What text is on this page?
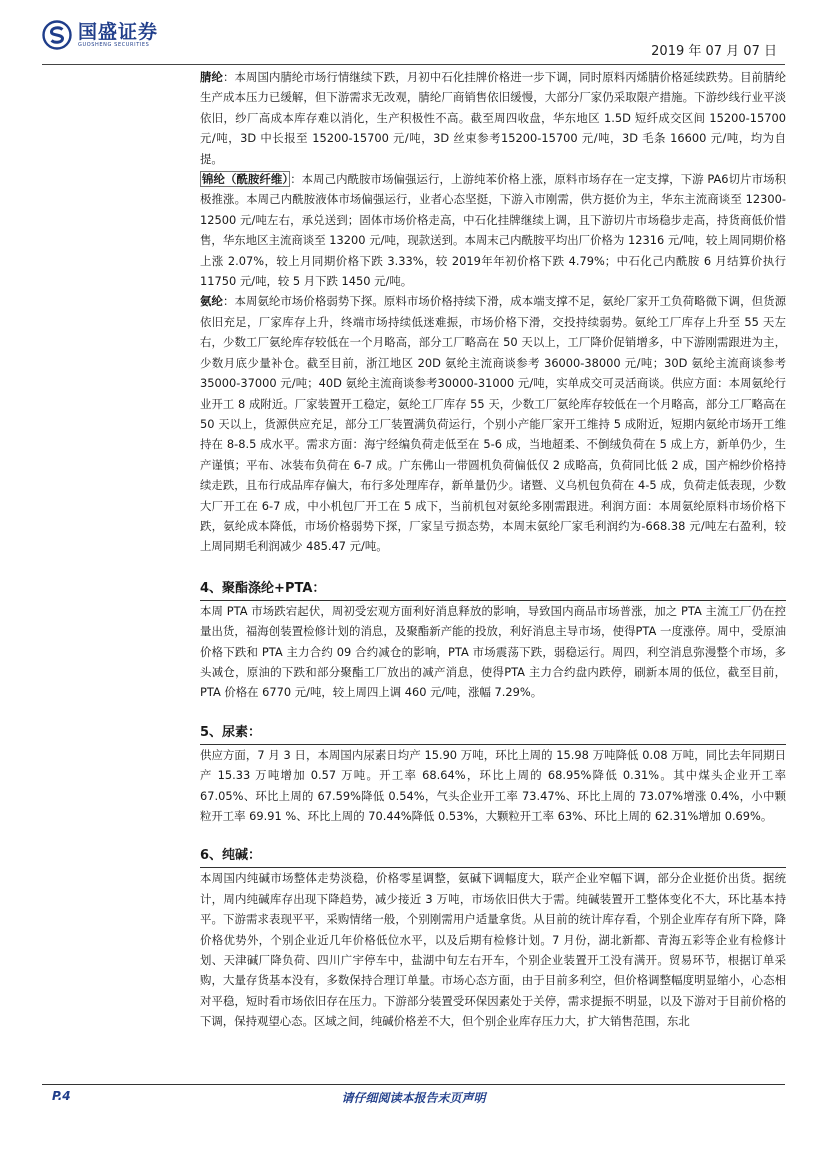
国盛证券
GUOSHENG SECURITIES	2019 年 07 月 07 日

腈纶：本周国内腈纶市场行情继续下跌，月初中石化挂牌价格进一步下调，同时原料丙烯腈价格延续跌势。目前腈纶生产成本压力已缓解，但下游需求无改观，腈纶厂商销售依旧缓慢，大部分厂家仍采取限产措施。下游纱线行业平淡依旧，纱厂高成本库存难以消化，生产积极性不高。截至周四收盘，华东地区 1.5D 短纤成交区间 15200-15700 元/吨，3D 中长报至 15200-15700 元/吨，3D 丝束参考15200-15700 元/吨，3D 毛条 16600 元/吨，均为自提。

锦纶（酰胺纤维） ：本周己内酰胺市场偏强运行，上游纯苯价格上涨，原料市场存在一定支撑，下游 PA6切片市场积极推涨。本周己内酰胺液体市场偏强运行，业者心态坚挺，下游入市刚需，供方挺价为主，华东主流商谈至 12300-12500 元/吨左右，承兑送到；固体市场价格走高，中石化挂牌继续上调，且下游切片市场稳步走高，持货商低价惜售，华东地区主流商谈至 13200 元/吨，现款送到。本周末己内酰胺平均出厂价格为 12316 元/吨，较上周同期价格上涨 2.07%，较上月同期价格下跌 3.33%，较 2019年年初价格下跌 4.79%；中石化己内酰胺 6 月结算价执行 11750 元/吨，较 5 月下跌 1450 元/吨。

氨纶：本周氨纶市场价格弱势下探。原料市场价格持续下滑，成本端支撑不足，氨纶厂家开工负荷略微下调，但货源依旧充足，厂家库存上升，终端市场持续低迷难振，市场价格下滑，交投持续弱势。氨纶工厂库存上升至 55 天左右，少数工厂氨纶库存较低在一个月略高，部分工厂略高在 50 天以上，工厂降价促销增多，中下游刚需跟进为主，少数月底少量补仓。截至目前，浙江地区 20D 氨纶主流商谈参考 36000-38000 元/吨；30D 氨纶主流商谈参考 35000-37000 元/吨；40D 氨纶主流商谈参考30000-31000 元/吨，实单成交可灵活商谈。供应方面：本周氨纶行业开工 8 成附近。厂家装置开工稳定，氨纶工厂库存 55 天，少数工厂氨纶库存较低在一个月略高，部分工厂略高在 50 天以上，货源供应充足，部分工厂装置满负荷运行，个别小产能厂家开工维持 5 成附近，短期内氨纶市场开工维持在 8-8.5 成水平。需求方面：海宁经编负荷走低至在 5-6 成，当地超柔、不倒绒负荷在 5 成上方，新单仍少，生产谨慎；平布、冰装布负荷在 6-7 成。广东佛山一带圆机负荷偏低仅 2 成略高，负荷同比低 2 成，国产棉纱价格持续走跌，且布行成品库存偏大，布行多处理库存，新单量仍少。诸暨、义乌机包负荷在 4-5 成，负荷走低表现，少数大厂开工在 6-7 成，中小机包厂开工在 5 成下，当前机包对氨纶多刚需跟进。利润方面：本周氨纶原料市场价格下跌，氨纶成本降低，市场价格弱势下探，厂家呈亏损态势，本周末氨纶厂家毛利润约为-668.38 元/吨左右盈利，较上周同期毛利润减少 485.47 元/吨。

4、聚酯涤纶+PTA：

本周 PTA 市场跌宕起伏，周初受宏观方面利好消息释放的影响，导致国内商品市场普涨，加之 PTA 主流工厂仍在控量出货，福海创装置检修计划的消息，及聚酯新产能的投放，利好消息主导市场，使得PTA 一度涨停。周中，受原油价格下跌和 PTA 主力合约 09 合约减仓的影响，PTA 市场震荡下跌，弱稳运行。周四，利空消息弥漫整个市场，多头减仓，原油的下跌和部分聚酯工厂放出的减产消息，使得PTA 主力合约盘内跌停，刷新本周的低位，截至目前，PTA 价格在 6770 元/吨，较上周四上调 460 元/吨，涨幅 7.29%。

5、尿素：

供应方面，7 月 3 日，本周国内尿素日均产 15.90 万吨，环比上周的 15.98 万吨降低 0.08 万吨，同比去年同期日产 15.33 万吨增加 0.57 万吨。开工率 68.64%，环比上周的 68.95%降低 0.31%。其中煤头企业开工率 67.05%、环比上周的 67.59%降低 0.54%，气头企业开工率 73.47%、环比上周的 73.07%增涨 0.4%，小中颗粒开工率 69.91 %、环比上周的 70.44%降低 0.53%，大颗粒开工率 63%、环比上周的 62.31%增加 0.69%。

6、纯碱：

本周国内纯碱市场整体走势淡稳，价格零星调整，氨碱下调幅度大，联产企业窄幅下调，部分企业挺价出货。据统计，周内纯碱库存出现下降趋势，减少接近 3 万吨，市场依旧供大于需。纯碱装置开工整体变化不大，环比基本持平。下游需求表现平平，采购情绪一般，个别刚需用户适量拿货。从目前的统计库存看，个别企业库存有所下降，降价格优势外，个别企业近几年价格低位水平，以及后期有检修计划。7 月份，湖北新都、青海五彩等企业有检修计划、天津碱厂降负荷、四川广宇停车中，盐湖中旬左右开车，个别企业装置开工没有满开。贸易环节，根据订单采购，大量存货基本没有，多数保持合理订单量。市场心态方面，由于目前多利空，但价格调整幅度明显缩小，心态相对平稳，短时看市场依旧存在压力。下游部分装置受环保因素处于关停，需求提振不明显，以及下游对于目前价格的下调，保持观望心态。区域之间，纯碱价格差不大，但个别企业库存压力大，扩大销售范围，东北

请仔细阅读本报告末页声明
P.4
